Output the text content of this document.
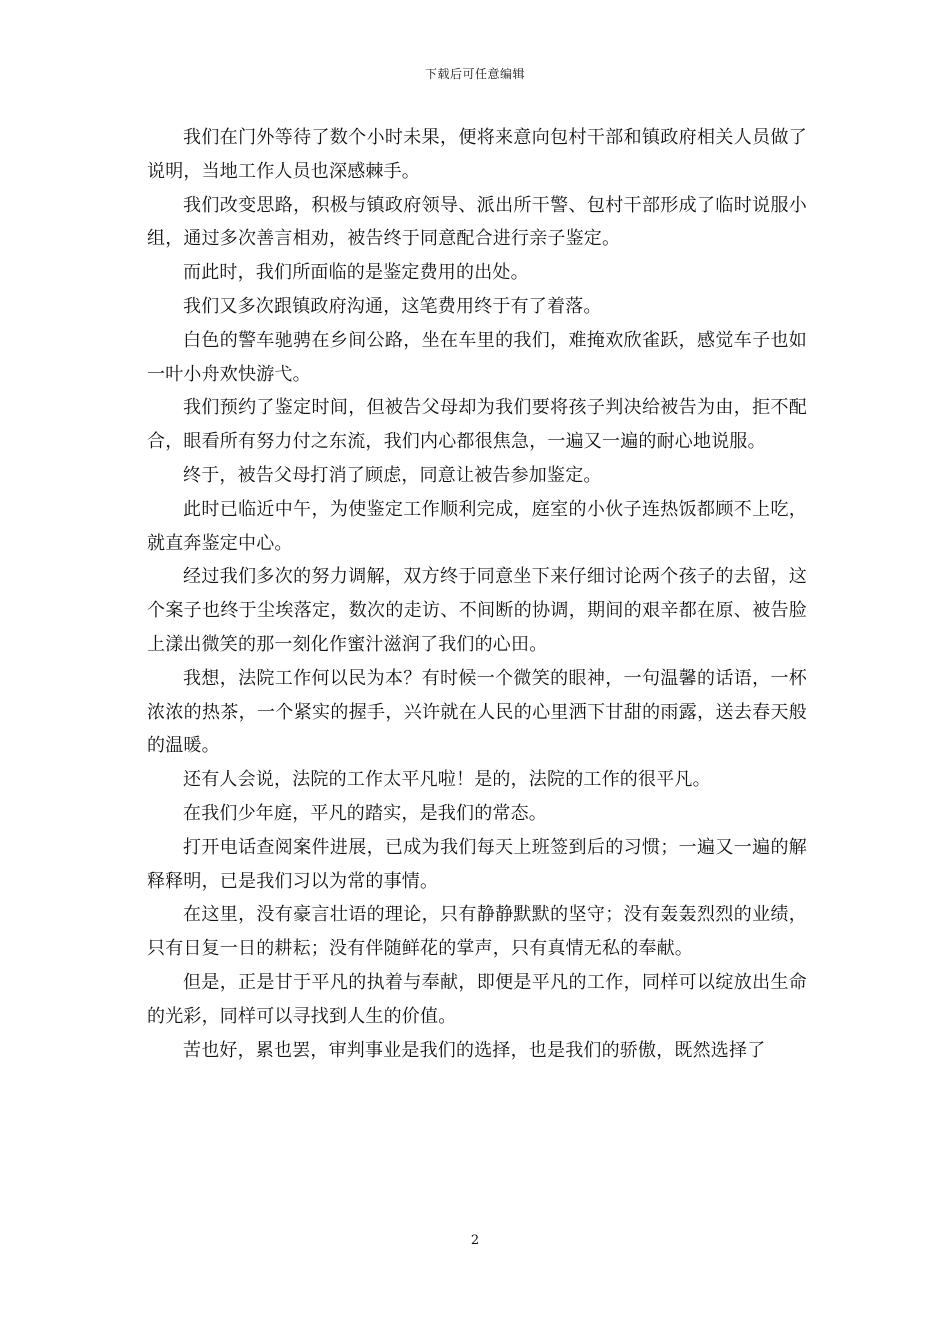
下载后可任意编辑

我们在门外等待了数个小时未果，便将来意向包村干部和镇政府相关人员做了说明，当地工作人员也深感棘手。

我们改变思路，积极与镇政府领导、派出所干警、包村干部形成了临时说服小组，通过多次善言相劝，被告终于同意配合进行亲子鉴定。

而此时，我们所面临的是鉴定费用的出处。

我们又多次跟镇政府沟通，这笔费用终于有了着落。

白色的警车驰骋在乡间公路，坐在车里的我们，难掩欢欣雀跃，感觉车子也如一叶小舟欢快游弋。

我们预约了鉴定时间，但被告父母却为我们要将孩子判决给被告为由，拒不配合，眼看所有努力付之东流，我们内心都很焦急，一遍又一遍的耐心地说服。

终于，被告父母打消了顾虑，同意让被告参加鉴定。

此时已临近中午，为使鉴定工作顺利完成，庭室的小伙子连热饭都顾不上吃，就直奔鉴定中心。

经过我们多次的努力调解，双方终于同意坐下来仔细讨论两个孩子的去留，这个案子也终于尘埃落定，数次的走访、不间断的协调，期间的艰辛都在原、被告脸上漾出微笑的那一刻化作蜜汁滋润了我们的心田。

我想，法院工作何以民为本？有时候一个微笑的眼神，一句温馨的话语，一杯浓浓的热茶，一个紧实的握手，兴许就在人民的心里洒下甘甜的雨露，送去春天般的温暖。

还有人会说，法院的工作太平凡啦！是的，法院的工作的很平凡。

在我们少年庭，平凡的踏实，是我们的常态。

打开电话查阅案件进展，已成为我们每天上班签到后的习惯；一遍又一遍的解释释明，已是我们习以为常的事情。

在这里，没有豪言壮语的理论，只有静静默默的坚守；没有轰轰烈烈的业绩，只有日复一日的耕耘；没有伴随鲜花的掌声，只有真情无私的奉献。

但是，正是甘于平凡的执着与奉献，即便是平凡的工作，同样可以绽放出生命的光彩，同样可以寻找到人生的价值。

苦也好，累也罢，审判事业是我们的选择，也是我们的骄傲，既然选择了

2
